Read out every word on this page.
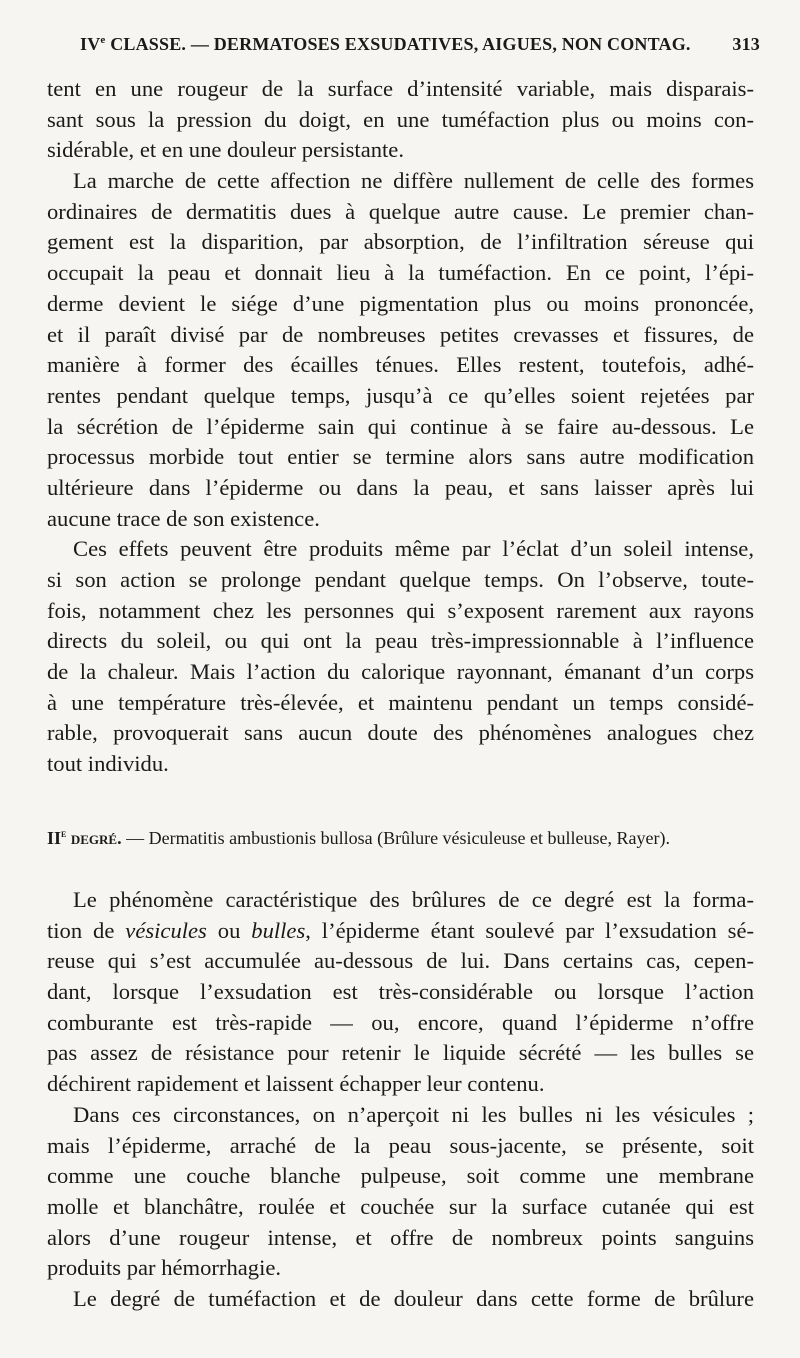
IVe CLASSE. — DERMATOSES EXSUDATIVES, AIGUES, NON CONTAG. 313
tent en une rougeur de la surface d’intensité variable, mais disparais-
sant sous la pression du doigt, en une tuméfaction plus ou moins con-
sidérable, et en une douleur persistante.
La marche de cette affection ne diffère nullement de celle des formes
ordinaires de dermatitis dues à quelque autre cause. Le premier chan-
gement est la disparition, par absorption, de l’infiltration séreuse qui
occupait la peau et donnait lieu à la tuméfaction. En ce point, l’épi-
derme devient le siége d’une pigmentation plus ou moins prononcée,
et il paraît divisé par de nombreuses petites crevasses et fissures, de
manière à former des écailles ténues. Elles restent, toutefois, adhé-
rentes pendant quelque temps, jusqu’à ce qu’elles soient rejetées par
la sécrétion de l’épiderme sain qui continue à se faire au-dessous. Le
processus morbide tout entier se termine alors sans autre modification
ultérieure dans l’épiderme ou dans la peau, et sans laisser après lui
aucune trace de son existence.
Ces effets peuvent être produits même par l’éclat d’un soleil intense,
si son action se prolonge pendant quelque temps. On l’observe, toute-
fois, notamment chez les personnes qui s’exposent rarement aux rayons
directs du soleil, ou qui ont la peau très-impressionnable à l’influence
de la chaleur. Mais l’action du calorique rayonnant, émanant d’un corps
à une température très-élevée, et maintenu pendant un temps considé-
rable, provoquerait sans aucun doute des phénomènes analogues chez
tout individu.
IIe degré. — Dermatitis ambustionis bullosa (Brûlure vésiculeuse et bulleuse, Rayer).
Le phénomène caractéristique des brûlures de ce degré est la forma-
tion de vésicules ou bulles, l’épiderme étant soulevé par l’exsudation sé-
reuse qui s’est accumulée au-dessous de lui. Dans certains cas, cepen-
dant, lorsque l’exsudation est très-considérable ou lorsque l’action
comburante est très-rapide — ou, encore, quand l’épiderme n’offre
pas assez de résistance pour retenir le liquide sécrété — les bulles se
déchirent rapidement et laissent échapper leur contenu.
Dans ces circonstances, on n’aperçoit ni les bulles ni les vésicules ;
mais l’épiderme, arraché de la peau sous-jacente, se présente, soit
comme une couche blanche pulpeuse, soit comme une membrane
molle et blanchâtre, roulée et couchée sur la surface cutanée qui est
alors d’une rougeur intense, et offre de nombreux points sanguins
produits par hémorrhagie.
Le degré de tuméfaction et de douleur dans cette forme de brûlure
